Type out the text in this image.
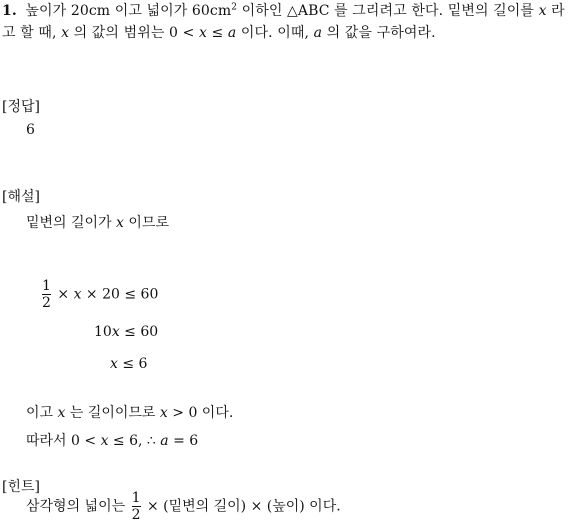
1. 높이가 20cm 이고 넓이가 $60cm^2$ 이하인 △ABC 를 그리려고 한다. 밑변의 길이를 x 라고 할 때, x 의 값의 범위는 0 < x ≤ a 이다. 이때, a 의 값을 구하여라.
[정답]
6
[해설]
밑변의 길이가 x 이므로
$\frac{1}{2} \times x \times 20 \le 60$
10x ≤ 60
x ≤ 6
이고 x 는 길이이므로 x > 0 이다.
따라서 0 < x ≤ 6, ∴ a = 6
[힌트]
삼각형의 넓이는 $\frac{1}{2}$ × (밑변의 길이) × (높이) 이다.
